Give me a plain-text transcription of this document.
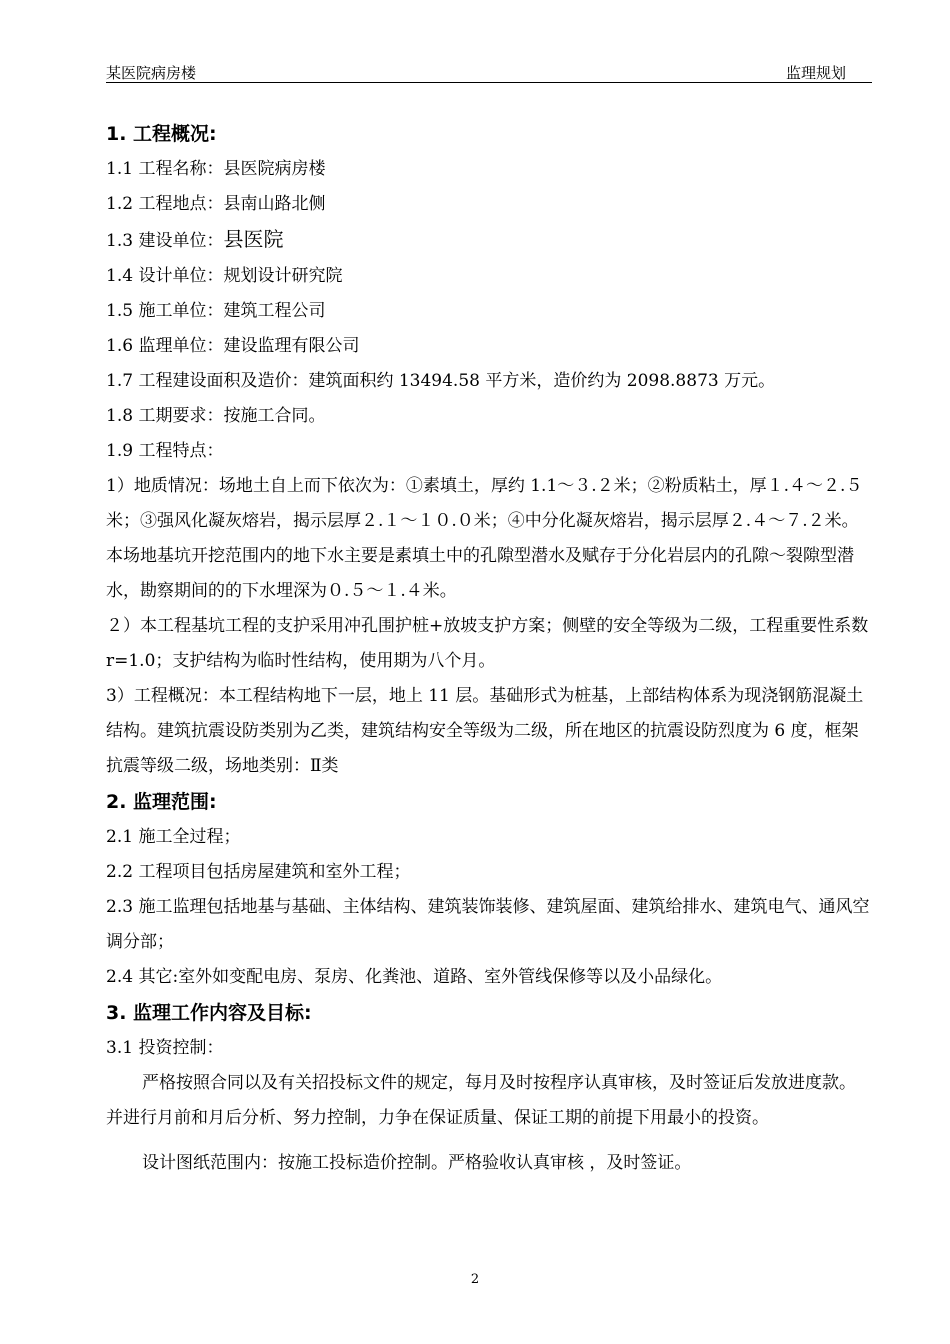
某医院病房楼	监理规划
1. 工程概况:
1.1 工程名称：县医院病房楼
1.2 工程地点：县南山路北侧
1.3 建设单位：县医院
1.4 设计单位：规划设计研究院
1.5 施工单位：建筑工程公司
1.6 监理单位：建设监理有限公司
1.7 工程建设面积及造价：建筑面积约 13494.58 平方米，造价约为 2098.8873 万元。
1.8 工期要求：按施工合同。
1.9 工程特点：
1）地质情况：场地土自上而下依次为：①素填土，厚约 1.1～３.２米；②粉质粘土，厚１.４～２.５米；③强风化凝灰熔岩，揭示层厚２.１～１０.０米；④中分化凝灰熔岩，揭示层厚２.４～７.２米。本场地基坑开挖范围内的地下水主要是素填土中的孔隙型潜水及赋存于分化岩层内的孔隙～裂隙型潜水，勘察期间的的下水埋深为０.５～１.４米。
２）本工程基坑工程的支护采用冲孔围护桩+放坡支护方案；侧壁的安全等级为二级，工程重要性系数 r=1.0；支护结构为临时性结构，使用期为八个月。
3）工程概况：本工程结构地下一层，地上 11 层。基础形式为桩基，上部结构体系为现浇钢筋混凝土结构。建筑抗震设防类别为乙类，建筑结构安全等级为二级，所在地区的抗震设防烈度为 6 度，框架抗震等级二级，场地类别：Ⅱ类
2. 监理范围:
2.1 施工全过程；
2.2 工程项目包括房屋建筑和室外工程；
2.3 施工监理包括地基与基础、主体结构、建筑装饰装修、建筑屋面、建筑给排水、建筑电气、通风空调分部；
2.4 其它:室外如变配电房、泵房、化粪池、道路、室外管线保修等以及小品绿化。
3. 监理工作内容及目标:
3.1 投资控制：
严格按照合同以及有关招投标文件的规定，每月及时按程序认真审核，及时签证后发放进度款。并进行月前和月后分析、努力控制，力争在保证质量、保证工期的前提下用最小的投资。
设计图纸范围内：按施工投标造价控制。严格验收认真审核 ，及时签证。
2
